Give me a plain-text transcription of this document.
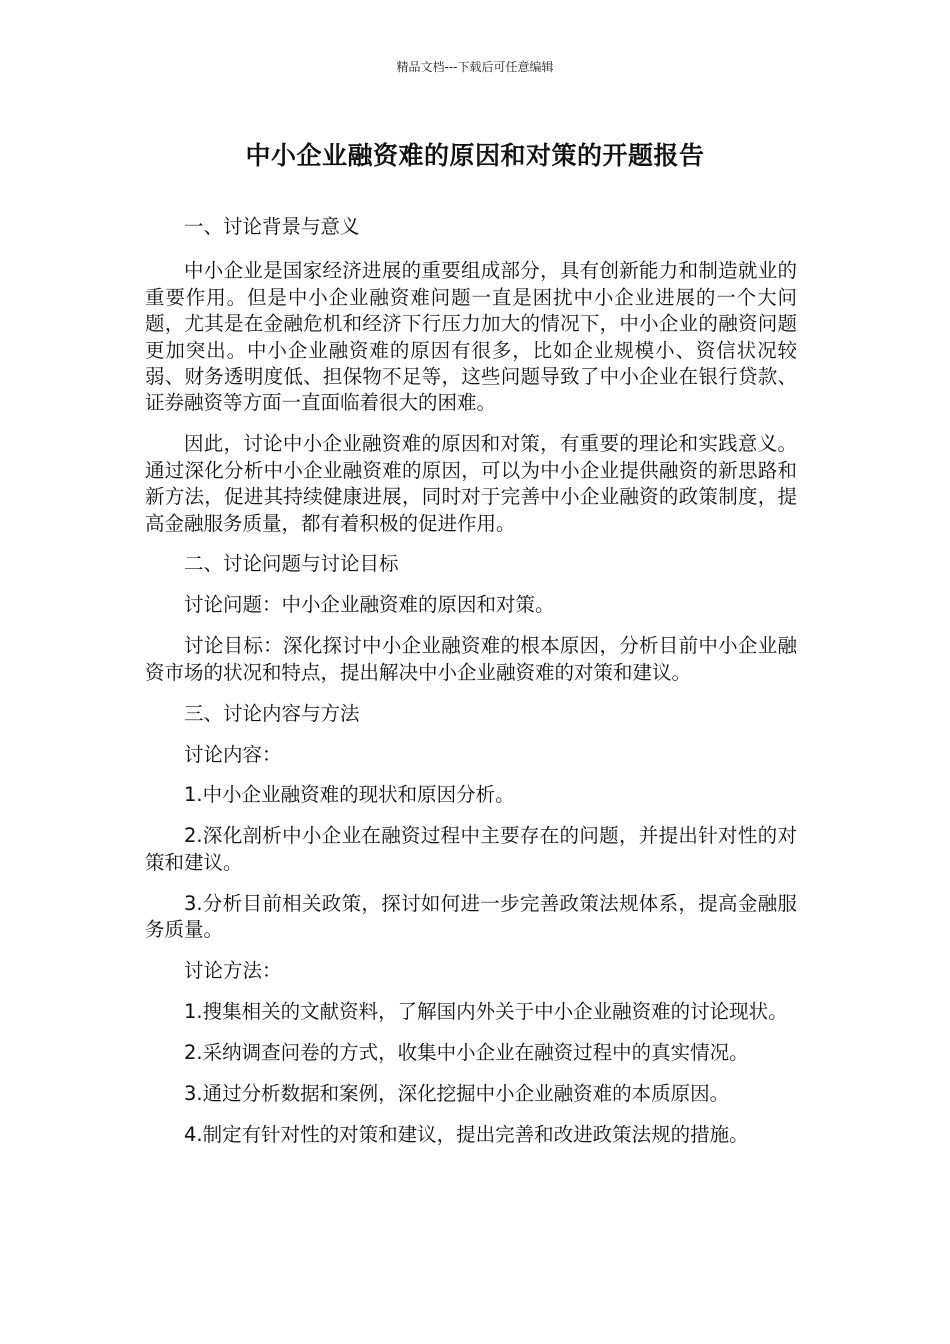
精品文档---下载后可任意编辑
中小企业融资难的原因和对策的开题报告

一、讨论背景与意义

中小企业是国家经济进展的重要组成部分，具有创新能力和制造就业的重要作用。但是中小企业融资难问题一直是困扰中小企业进展的一个大问题，尤其是在金融危机和经济下行压力加大的情况下，中小企业的融资问题更加突出。中小企业融资难的原因有很多，比如企业规模小、资信状况较弱、财务透明度低、担保物不足等，这些问题导致了中小企业在银行贷款、证券融资等方面一直面临着很大的困难。

因此，讨论中小企业融资难的原因和对策，有重要的理论和实践意义。通过深化分析中小企业融资难的原因，可以为中小企业提供融资的新思路和新方法，促进其持续健康进展，同时对于完善中小企业融资的政策制度，提高金融服务质量，都有着积极的促进作用。

二、讨论问题与讨论目标

讨论问题：中小企业融资难的原因和对策。

讨论目标：深化探讨中小企业融资难的根本原因，分析目前中小企业融资市场的状况和特点，提出解决中小企业融资难的对策和建议。

三、讨论内容与方法

讨论内容：

1.中小企业融资难的现状和原因分析。

2.深化剖析中小企业在融资过程中主要存在的问题，并提出针对性的对策和建议。

3.分析目前相关政策，探讨如何进一步完善政策法规体系，提高金融服务质量。

讨论方法：

1.搜集相关的文献资料，了解国内外关于中小企业融资难的讨论现状。

2.采纳调查问卷的方式，收集中小企业在融资过程中的真实情况。

3.通过分析数据和案例，深化挖掘中小企业融资难的本质原因。

4.制定有针对性的对策和建议，提出完善和改进政策法规的措施。
